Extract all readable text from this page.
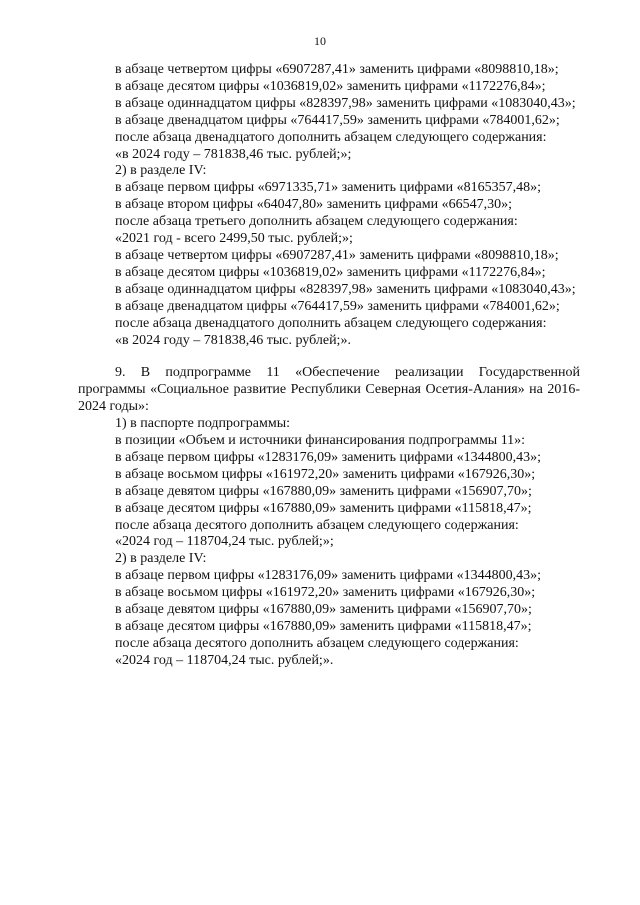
10

в абзаце четвертом цифры «6907287,41» заменить цифрами «8098810,18»;

в абзаце десятом цифры «1036819,02» заменить цифрами «1172276,84»;

в абзаце одиннадцатом цифры «828397,98» заменить цифрами «1083040,43»;

в абзаце двенадцатом цифры «764417,59» заменить цифрами «784001,62»;

после абзаца двенадцатого дополнить абзацем следующего содержания:

«в 2024 году – 781838,46 тыс. рублей;»;

2) в разделе IV:

в абзаце первом цифры «6971335,71» заменить цифрами «8165357,48»;

в абзаце втором цифры «64047,80» заменить цифрами «66547,30»;

после абзаца третьего дополнить абзацем следующего содержания:

«2021 год - всего 2499,50 тыс. рублей;»;

в абзаце четвертом цифры «6907287,41» заменить цифрами «8098810,18»;

в абзаце десятом цифры «1036819,02» заменить цифрами «1172276,84»;

в абзаце одиннадцатом цифры «828397,98» заменить цифрами «1083040,43»;

в абзаце двенадцатом цифры «764417,59» заменить цифрами «784001,62»;

после абзаца двенадцатого дополнить абзацем следующего содержания:

«в 2024 году – 781838,46 тыс. рублей;».

9. В подпрограмме 11 «Обеспечение реализации Государственной программы «Социальное развитие Республики Северная Осетия-Алания» на 2016-2024 годы»:

1) в паспорте подпрограммы:

в позиции «Объем и источники финансирования подпрограммы 11»:

в абзаце первом цифры «1283176,09» заменить цифрами «1344800,43»;

в абзаце восьмом цифры «161972,20» заменить цифрами «167926,30»;

в абзаце девятом цифры «167880,09» заменить цифрами «156907,70»;

в абзаце десятом цифры «167880,09» заменить цифрами «115818,47»;

после абзаца десятого дополнить абзацем следующего содержания:

«2024 год – 118704,24 тыс. рублей;»;

2) в разделе IV:

в абзаце первом цифры «1283176,09» заменить цифрами «1344800,43»;

в абзаце восьмом цифры «161972,20» заменить цифрами «167926,30»;

в абзаце девятом цифры «167880,09» заменить цифрами «156907,70»;

в абзаце десятом цифры «167880,09» заменить цифрами «115818,47»;

после абзаца десятого дополнить абзацем следующего содержания:

«2024 год – 118704,24 тыс. рублей;».
